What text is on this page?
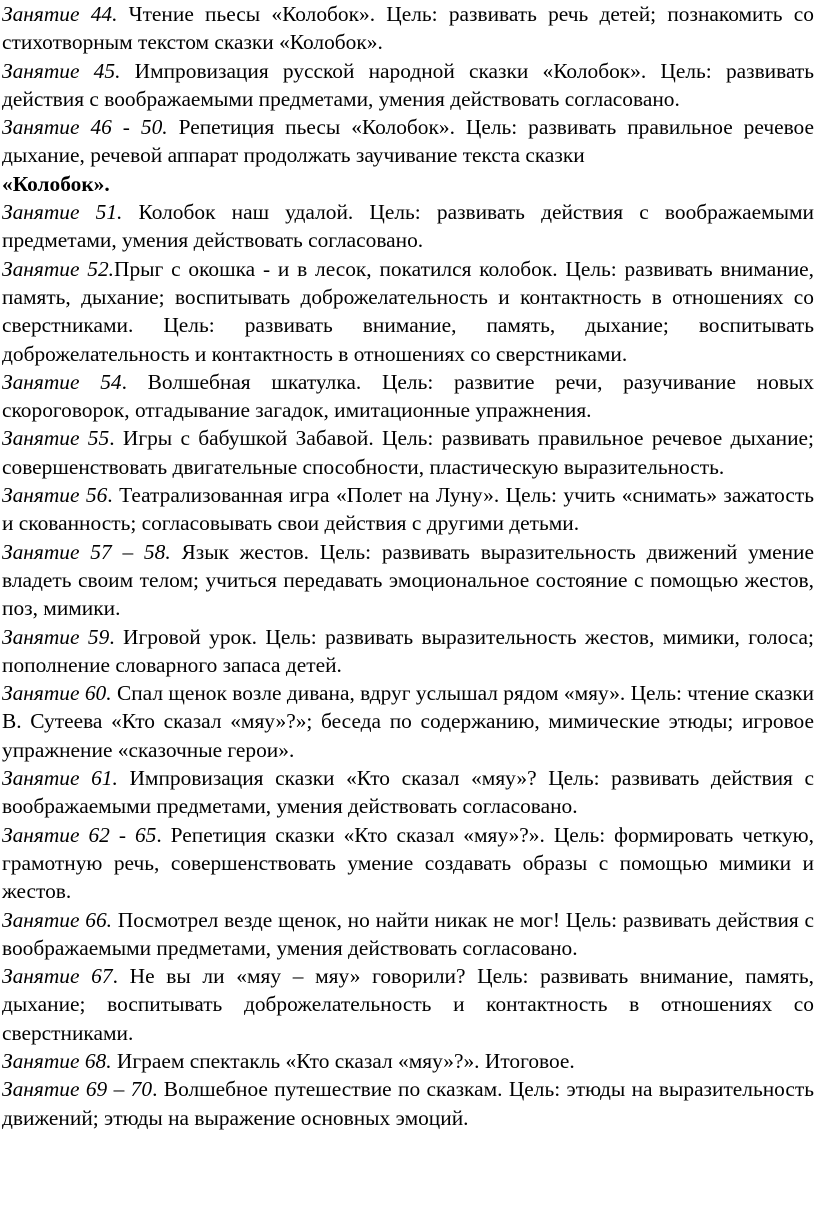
Занятие 44. Чтение пьесы «Колобок». Цель: развивать речь детей; познакомить со стихотворным текстом сказки «Колобок».

Занятие 45. Импровизация русской народной сказки «Колобок». Цель: развивать действия с воображаемыми предметами, умения действовать согласовано.

Занятие 46 - 50. Репетиция пьесы «Колобок». Цель: развивать правильное речевое дыхание, речевой аппарат продолжать заучивание текста сказки
«Колобок».

Занятие 51. Колобок наш удалой. Цель: развивать действия с воображаемыми предметами, умения действовать согласовано.

Занятие 52.Прыг с окошка - и в лесок, покатился колобок. Цель: развивать внимание, память, дыхание; воспитывать доброжелательность и контактность в отношениях со сверстниками. Цель: развивать внимание, память, дыхание; воспитывать доброжелательность и контактность в отношениях со сверстниками.

Занятие 54. Волшебная шкатулка. Цель: развитие речи, разучивание новых скороговорок, отгадывание загадок, имитационные упражнения.

Занятие 55. Игры с бабушкой Забавой. Цель: развивать правильное речевое дыхание; совершенствовать двигательные способности, пластическую выразительность.

Занятие 56. Театрализованная игра «Полет на Луну». Цель: учить «снимать» зажатость и скованность; согласовывать свои действия с другими детьми.

Занятие 57 – 58. Язык жестов. Цель: развивать выразительность движений умение владеть своим телом; учиться передавать эмоциональное состояние с помощью жестов, поз, мимики.

Занятие 59. Игровой урок. Цель: развивать выразительность жестов, мимики, голоса; пополнение словарного запаса детей.

Занятие 60. Спал щенок возле дивана, вдруг услышал рядом «мяу». Цель: чтение сказки В. Сутеева «Кто сказал «мяу»?»; беседа по содержанию, мимические этюды; игровое упражнение «сказочные герои».

Занятие 61. Импровизация сказки «Кто сказал «мяу»? Цель: развивать действия с воображаемыми предметами, умения действовать согласовано.

Занятие 62 - 65. Репетиция сказки «Кто сказал «мяу»?». Цель: формировать четкую, грамотную речь, совершенствовать умение создавать образы с помощью мимики и жестов.

Занятие 66. Посмотрел везде щенок, но найти никак не мог! Цель: развивать действия с воображаемыми предметами, умения действовать согласовано.

Занятие 67. Не вы ли «мяу – мяу» говорили? Цель: развивать внимание, память, дыхание; воспитывать доброжелательность и контактность в отношениях со сверстниками.

Занятие 68. Играем спектакль «Кто сказал «мяу»?». Итоговое.

Занятие 69 – 70. Волшебное путешествие по сказкам. Цель: этюды на выразительность движений; этюды на выражение основных эмоций.
